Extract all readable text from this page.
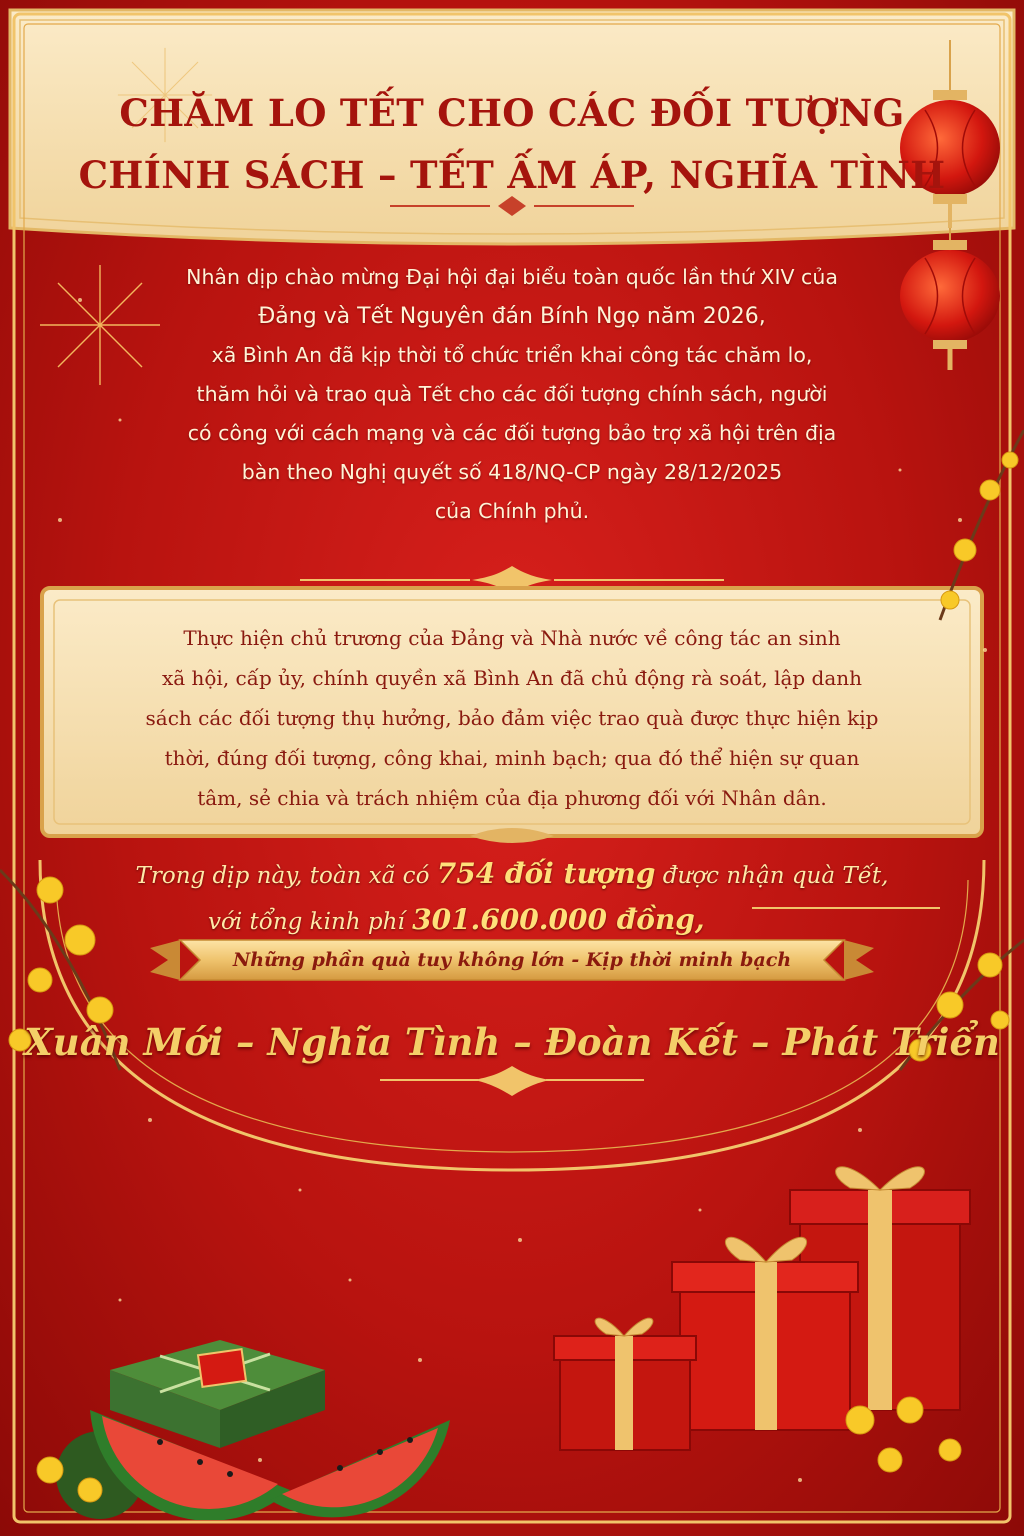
CHĂM LO TẾT CHO CÁC ĐỐI TƯỢNG
CHÍNH SÁCH – TẾT ẤM ÁP, NGHĨA TÌNH
Nhân dịp chào mừng Đại hội đại biểu toàn quốc lần thứ XIV của
Đảng và Tết Nguyên đán Bính Ngọ năm 2026,
xã Bình An đã kịp thời tổ chức triển khai công tác chăm lo,
thăm hỏi và trao quà Tết cho các đối tượng chính sách, người
có công với cách mạng và các đối tượng bảo trợ xã hội trên địa
bàn theo Nghị quyết số 418/NQ-CP ngày 28/12/2025
của Chính phủ.
Thực hiện chủ trương của Đảng và Nhà nước về công tác an sinh
xã hội, cấp ủy, chính quyền xã Bình An đã chủ động rà soát, lập danh
sách các đối tượng thụ hưởng, bảo đảm việc trao quà được thực hiện kịp
thời, đúng đối tượng, công khai, minh bạch; qua đó thể hiện sự quan
tâm, sẻ chia và trách nhiệm của địa phương đối với Nhân dân.
Trong dịp này, toàn xã có 754 đối tượng được nhận quà Tết,
với tổng kinh phí 301.600.000 đồng,
Những phần quà tuy không lớn - Kịp thời minh bạch
Xuân Mới – Nghĩa Tình – Đoàn Kết – Phát Triển
